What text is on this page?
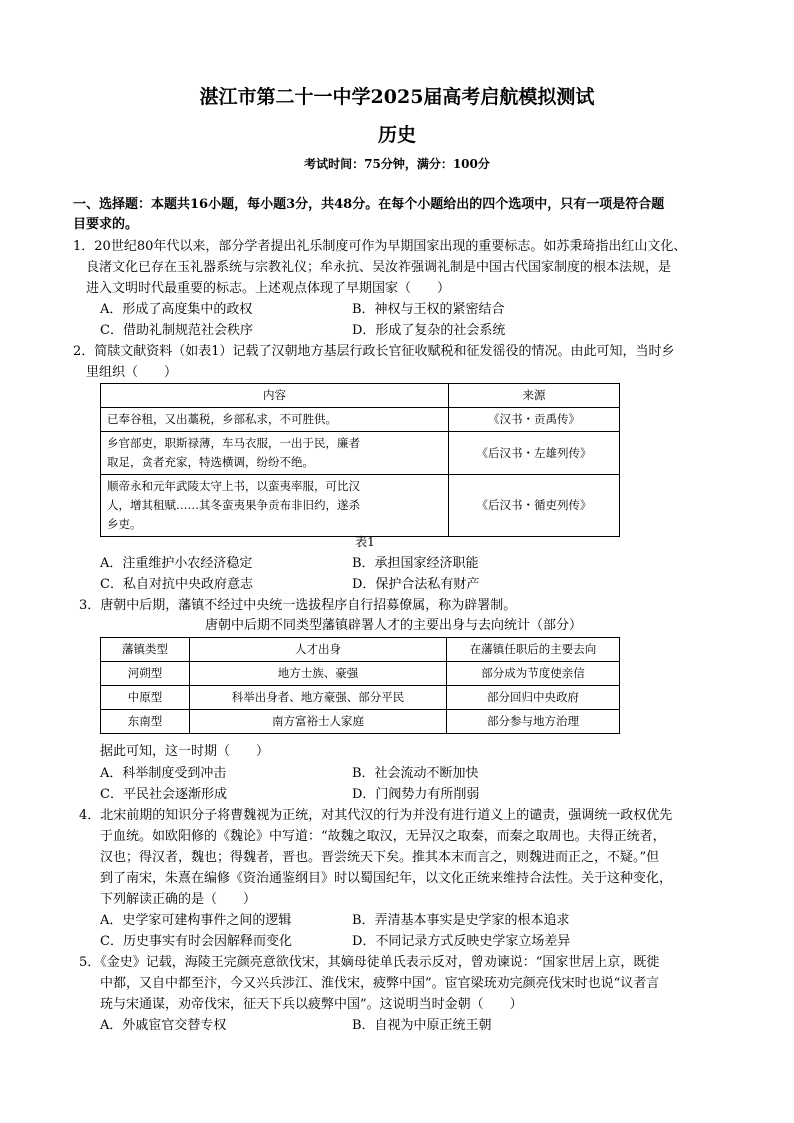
湛江市第二十一中学2025届高考启航模拟测试
历史
考试时间：75分钟，满分：100分
一、选择题：本题共16小题，每小题3分，共48分。在每个小题给出的四个选项中，只有一项是符合题
目要求的。
1．20世纪80年代以来，部分学者提出礼乐制度可作为早期国家出现的重要标志。如苏秉琦指出红山文化、
良渚文化已存在玉礼器系统与宗教礼仪；牟永抗、吴汝祚强调礼制是中国古代国家制度的根本法规，是
进入文明时代最重要的标志。上述观点体现了早期国家（　　）
A．形成了高度集中的政权	B．神权与王权的紧密结合
C．借助礼制规范社会秩序	D．形成了复杂的社会系统
2．简牍文献资料（如表1）记载了汉朝地方基层行政长官征收赋税和征发徭役的情况。由此可知，当时乡
里组织（　　）
内容	来源

已奉谷租，又出藁税，乡部私求，不可胜供。	《汉书・贡禹传》

乡官部吏，职斯禄薄，车马衣服，一出于民，廉者
取足，贪者充家，特选横调，纷纷不绝。	《后汉书・左雄列传》

顺帝永和元年武陵太守上书，以蛮夷率服，可比汉
人，增其租赋……其冬蛮夷果争贡布非旧约，遂杀
乡吏。	《后汉书・循吏列传》
表1
A．注重维护小农经济稳定	B．承担国家经济职能
C．私自对抗中央政府意志	D．保护合法私有财产
3．唐朝中后期，藩镇不经过中央统一选拔程序自行招募僚属，称为辟署制。
唐朝中后期不同类型藩镇辟署人才的主要出身与去向统计（部分）
藩镇类型	人才出身	在藩镇任职后的主要去向
河朔型	地方士族、豪强	部分成为节度使亲信
中原型	科举出身者、地方豪强、部分平民	部分回归中央政府
东南型	南方富裕士人家庭	部分参与地方治理
据此可知，这一时期（　　）
A．科举制度受到冲击	B．社会流动不断加快
C．平民社会逐渐形成	D．门阀势力有所削弱
4．北宋前期的知识分子将曹魏视为正统，对其代汉的行为并没有进行道义上的谴责，强调统一政权优先
于血统。如欧阳修的《魏论》中写道：“故魏之取汉，无异汉之取秦，而秦之取周也。夫得正统者，
汉也；得汉者，魏也；得魏者，晋也。晋尝统天下矣。推其本末而言之，则魏进而正之，不疑。”但
到了南宋，朱熹在编修《资治通鉴纲目》时以蜀国纪年，以文化正统来维持合法性。关于这种变化，
下列解读正确的是（　　）
A．史学家可建构事件之间的逻辑	B．弄清基本事实是史学家的根本追求
C．历史事实有时会因解释而变化	D．不同记录方式反映史学家立场差异
5．《金史》记载，海陵王完颜亮意欲伐宋，其嫡母徒单氏表示反对，曾劝谏说：“国家世居上京，既徙
中都，又自中都至汴，今又兴兵涉江、淮伐宋，疲弊中国”。宦官梁珫劝完颜亮伐宋时也说“议者言
珫与宋通谋，劝帝伐宋，征天下兵以疲弊中国”。这说明当时金朝（　　）
A．外戚宦官交替专权	B．自视为中原正统王朝
